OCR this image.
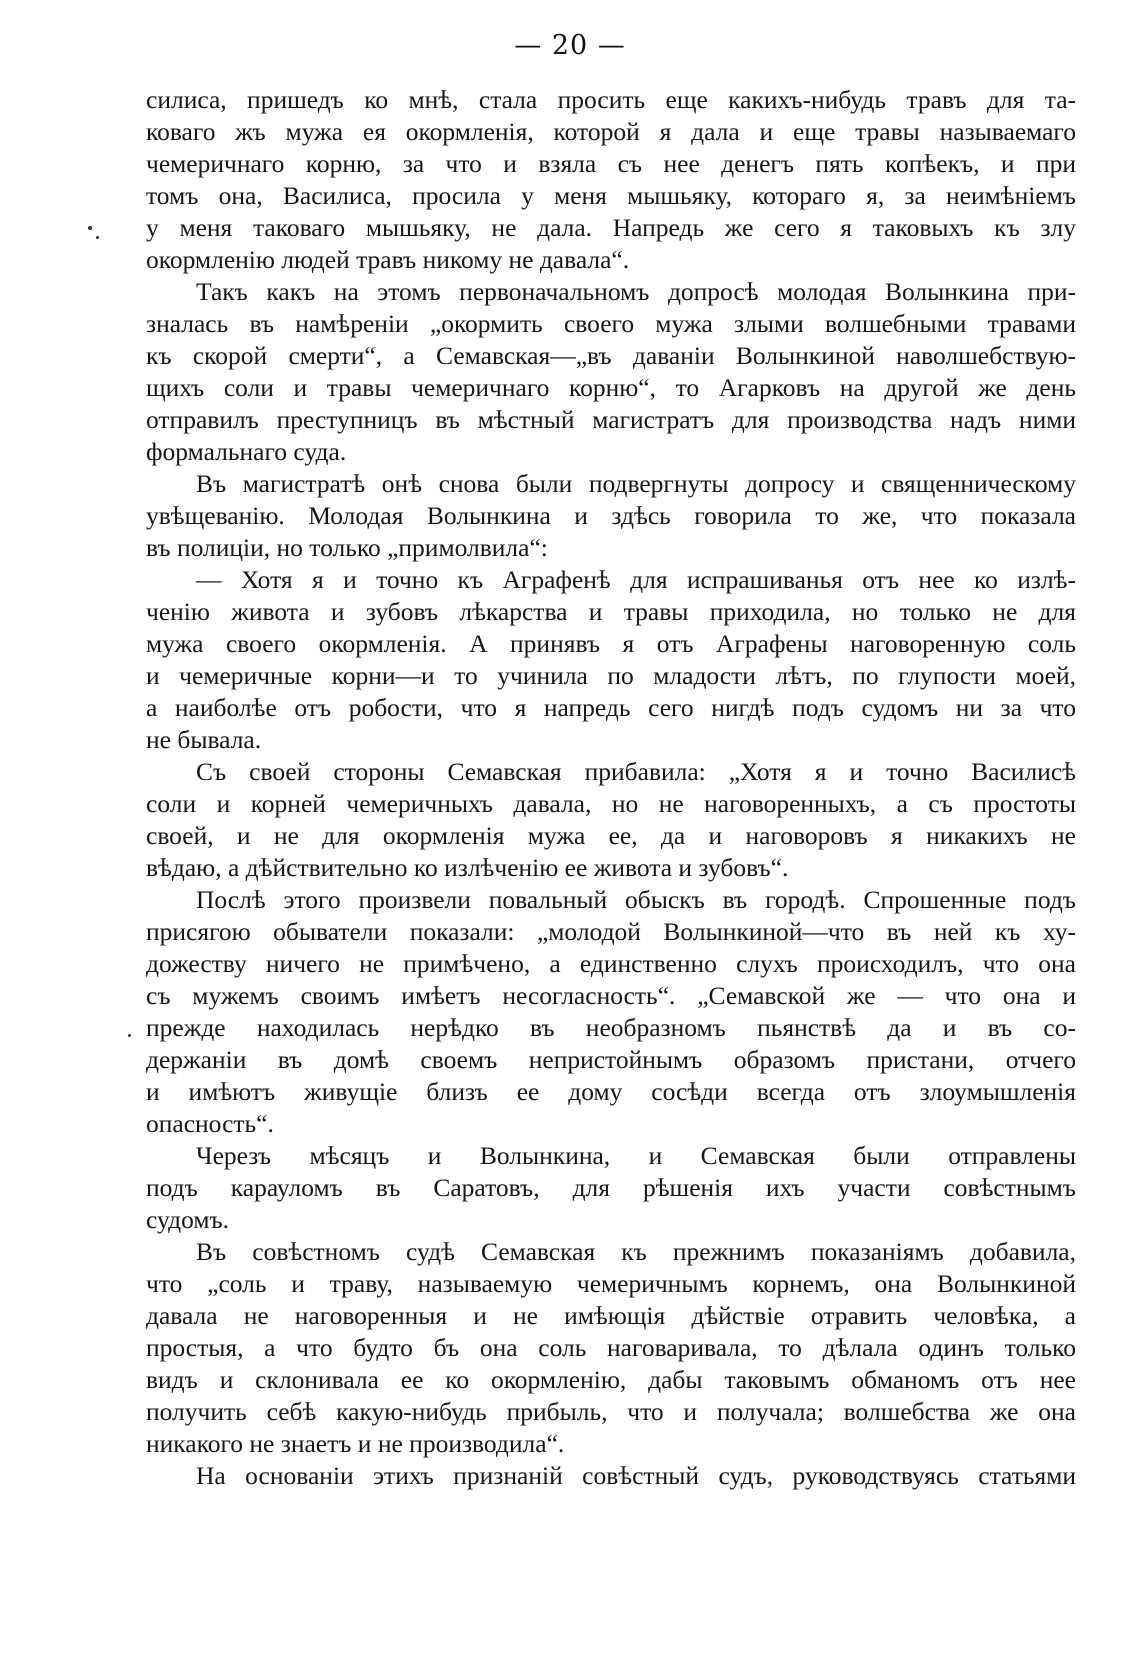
— 20 —
силиса, пришедъ ко мнѣ, стала просить еще какихъ-нибудь травъ для та-
коваго жъ мужа ея окормленія, которой я дала и еще травы называемаго
чемеричнаго корню, за что и взяла съ нее денегъ пять копѣекъ, и при
томъ она, Василиса, просила у меня мышьяку, котораго я, за неимѣніемъ
у меня таковаго мышьяку, не дала. Напредь же сего я таковыхъ къ злу
окормленію людей травъ никому не давала“.
Такъ какъ на этомъ первоначальномъ допросѣ молодая Волынкина при-
зналась въ намѣреніи „окормить своего мужа злыми волшебными травами
къ скорой смерти“, а Семавская—„въ даваніи Волынкиной наволшебствую-
щихъ соли и травы чемеричнаго корню“, то Агарковъ на другой же день
отправилъ преступницъ въ мѣстный магистратъ для производства надъ ними
формальнаго суда.
Въ магистратѣ онѣ снова были подвергнуты допросу и священническому
увѣщеванію. Молодая Волынкина и здѣсь говорила то же, что показала
въ полиціи, но только „примолвила“:
— Хотя я и точно къ Аграфенѣ для испрашиванья отъ нее ко излѣ-
ченію живота и зубовъ лѣкарства и травы приходила, но только не для
мужа своего окормленія. А принявъ я отъ Аграфены наговоренную соль
и чемеричные корни—и то учинила по младости лѣтъ, по глупости моей,
а наиболѣе отъ робости, что я напредь сего нигдѣ подъ судомъ ни за что
не бывала.
Съ своей стороны Семавская прибавила: „Хотя я и точно Василисѣ
соли и корней чемеричныхъ давала, но не наговоренныхъ, а съ простоты
своей, и не для окормленія мужа ее, да и наговоровъ я никакихъ не
вѣдаю, а дѣйствительно ко излѣченію ее живота и зубовъ“.
Послѣ этого произвели повальный обыскъ въ городѣ. Спрошенные подъ
присягою обыватели показали: „молодой Волынкиной—что въ ней къ ху-
дожеству ничего не примѣчено, а единственно слухъ происходилъ, что она
съ мужемъ своимъ имѣетъ несогласность“. „Семавской же — что она и
прежде находилась нерѣдко въ необразномъ пьянствѣ да и въ со-
держаніи въ домѣ своемъ непристойнымъ образомъ пристани, отчего
и имѣютъ живущіе близъ ее дому сосѣди всегда отъ злоумышленія
опасность“.
Черезъ мѣсяцъ и Волынкина, и Семавская были отправлены
подъ карауломъ въ Саратовъ, для рѣшенія ихъ участи совѣстнымъ
судомъ.
Въ совѣстномъ судѣ Семавская къ прежнимъ показаніямъ добавила,
что „соль и траву, называемую чемеричнымъ корнемъ, она Волынкиной
давала не наговоренныя и не имѣющія дѣйствіе отравить человѣка, а
простыя, а что будто бъ она соль наговаривала, то дѣлала одинъ только
видъ и склонивала ее ко окормленію, дабы таковымъ обманомъ отъ нее
получить себѣ какую-нибудь прибыль, что и получала; волшебства же она
никакого не знаетъ и не производила“.
На основаніи этихъ признаній совѣстный судъ, руководствуясь статьями
